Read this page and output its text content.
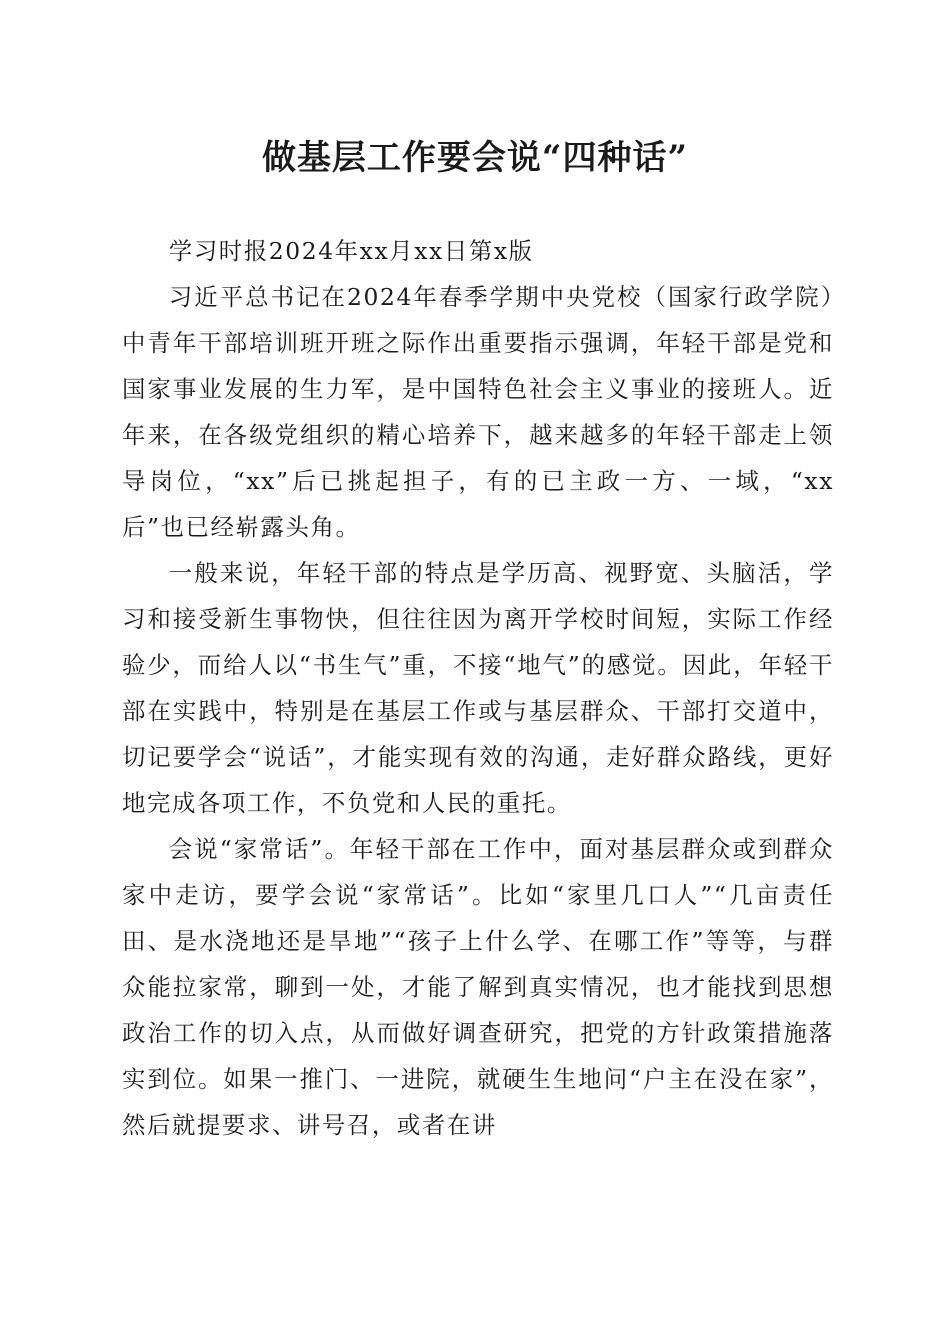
做基层工作要会说“四种话”

学习时报2024年xx月xx日第x版

习近平总书记在2024年春季学期中央党校（国家行政学院）中青年干部培训班开班之际作出重要指示强调，年轻干部是党和国家事业发展的生力军，是中国特色社会主义事业的接班人。近年来，在各级党组织的精心培养下，越来越多的年轻干部走上领导岗位，“xx”后已挑起担子，有的已主政一方、一域，“xx后”也已经崭露头角。

一般来说，年轻干部的特点是学历高、视野宽、头脑活，学习和接受新生事物快，但往往因为离开学校时间短，实际工作经验少，而给人以“书生气”重，不接“地气”的感觉。因此，年轻干部在实践中，特别是在基层工作或与基层群众、干部打交道中，切记要学会“说话”，才能实现有效的沟通，走好群众路线，更好地完成各项工作，不负党和人民的重托。

会说“家常话”。年轻干部在工作中，面对基层群众或到群众家中走访，要学会说“家常话”。比如“家里几口人”“几亩责任田、是水浇地还是旱地”“孩子上什么学、在哪工作”等等，与群众能拉家常，聊到一处，才能了解到真实情况，也才能找到思想政治工作的切入点，从而做好调查研究，把党的方针政策措施落实到位。如果一推门、一进院，就硬生生地问“户主在没在家”，然后就提要求、讲号召，或者在讲
